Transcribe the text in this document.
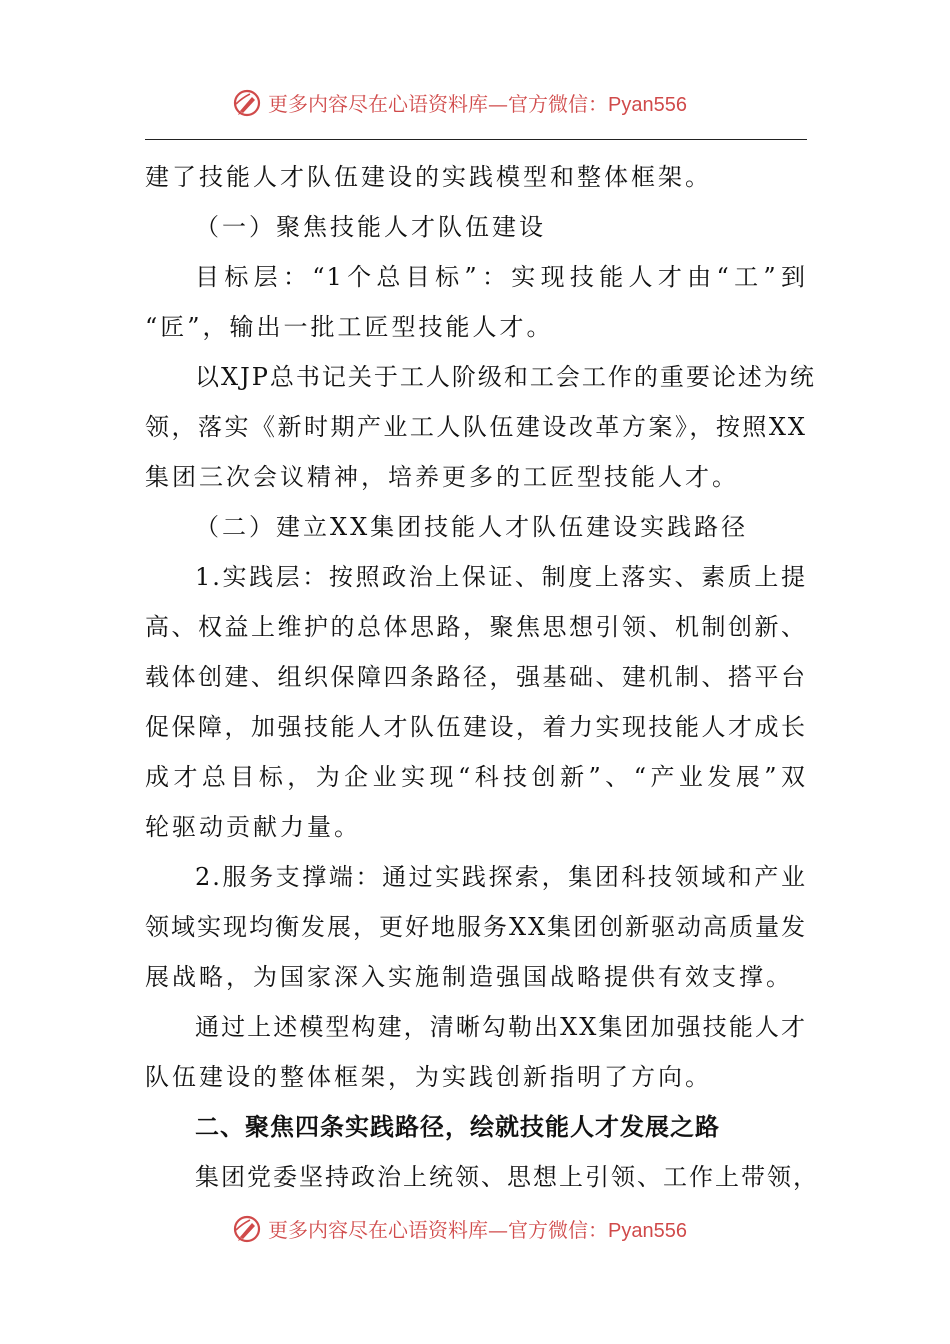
更多内容尽在心语资料库—官方微信：Pyan556
建了技能人才队伍建设的实践模型和整体框架。
（一）聚焦技能人才队伍建设
目标层：“1个总目标”：实现技能人才由“工”到
“匠”，输出一批工匠型技能人才。
以XJP总书记关于工人阶级和工会工作的重要论述为统
领，落实《新时期产业工人队伍建设改革方案》，按照XX
集团三次会议精神，培养更多的工匠型技能人才。
（二）建立XX集团技能人才队伍建设实践路径
1.实践层：按照政治上保证、制度上落实、素质上提
高、权益上维护的总体思路，聚焦思想引领、机制创新、
载体创建、组织保障四条路径，强基础、建机制、搭平台
促保障，加强技能人才队伍建设，着力实现技能人才成长
成才总目标，为企业实现“科技创新”、“产业发展”双
轮驱动贡献力量。
2.服务支撑端：通过实践探索，集团科技领域和产业
领域实现均衡发展，更好地服务XX集团创新驱动高质量发
展战略，为国家深入实施制造强国战略提供有效支撑。
通过上述模型构建，清晰勾勒出XX集团加强技能人才
队伍建设的整体框架，为实践创新指明了方向。
二、聚焦四条实践路径，绘就技能人才发展之路
集团党委坚持政治上统领、思想上引领、工作上带领，
更多内容尽在心语资料库—官方微信：Pyan556
